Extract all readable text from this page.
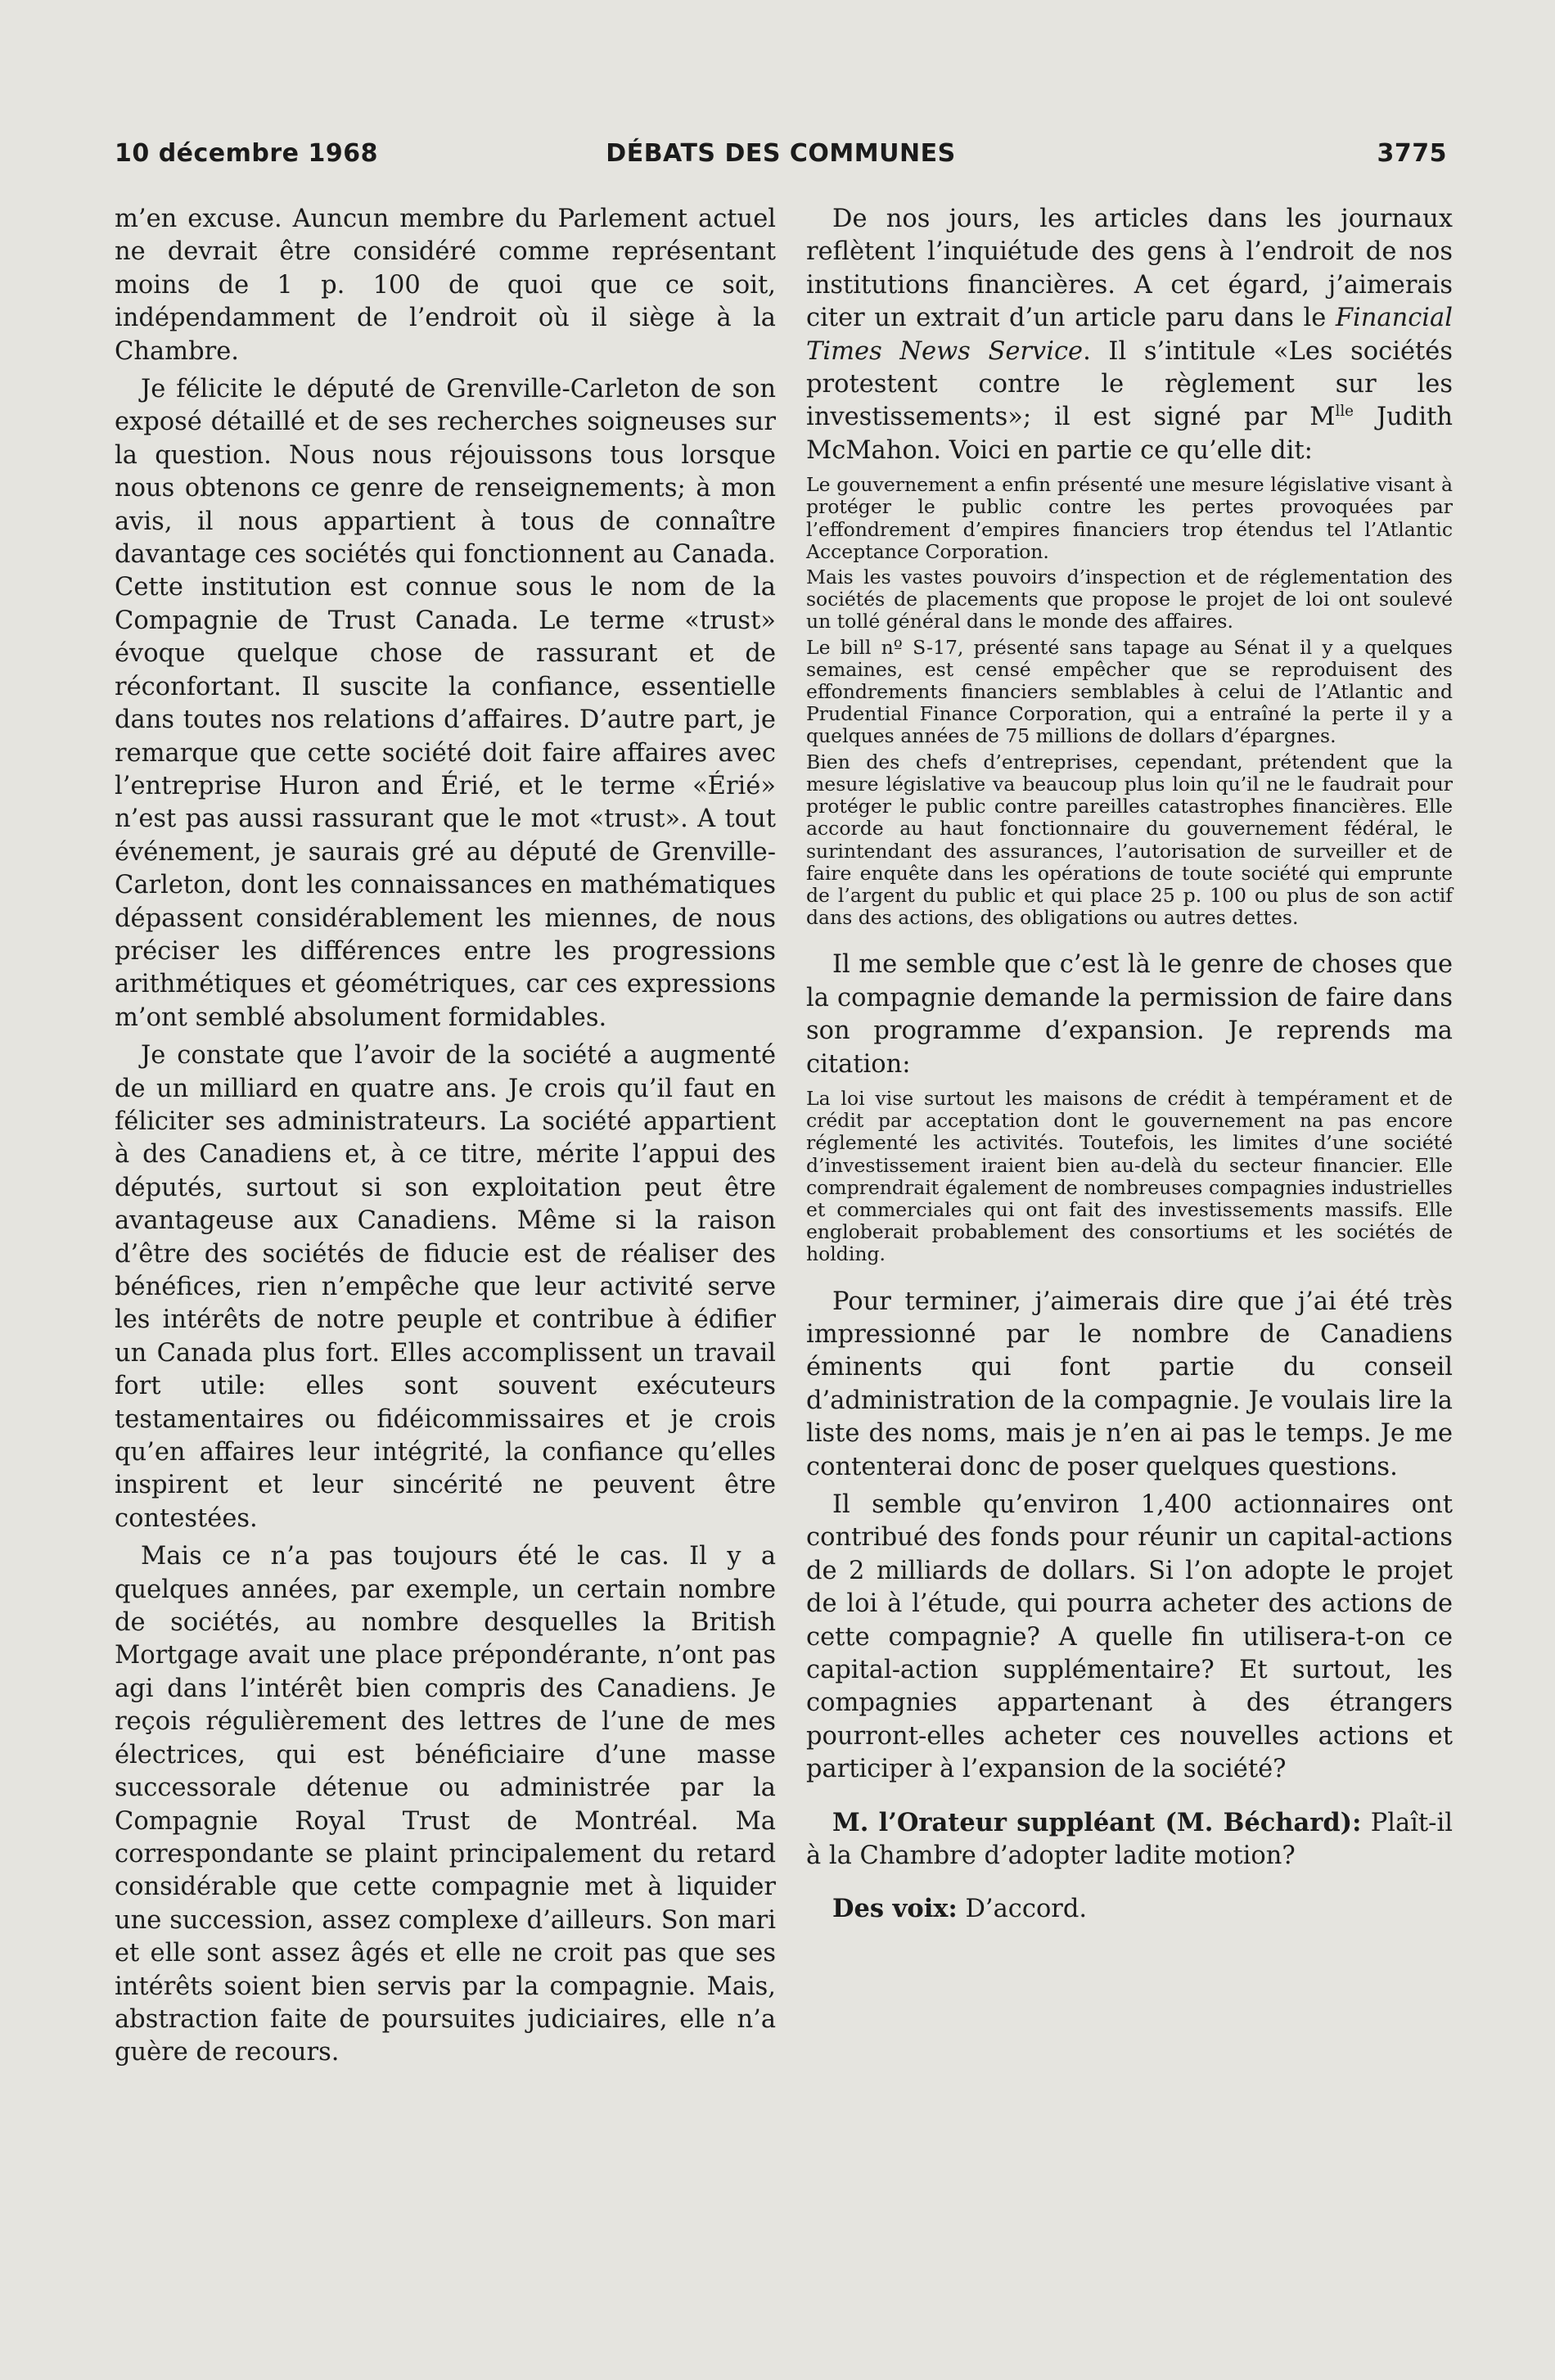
10 décembre 1968	DÉBATS DES COMMUNES	3775

m’en excuse. Auncun membre du Parlement actuel ne devrait être considéré comme représentant moins de 1 p. 100 de quoi que ce soit, indépendamment de l’endroit où il siège à la Chambre.

Je félicite le député de Grenville-Carleton de son exposé détaillé et de ses recherches soigneuses sur la question. Nous nous réjouissons tous lorsque nous obtenons ce genre de renseignements; à mon avis, il nous appartient à tous de connaître davantage ces sociétés qui fonctionnent au Canada. Cette institution est connue sous le nom de la Compagnie de Trust Canada. Le terme «trust» évoque quelque chose de rassurant et de réconfortant. Il suscite la confiance, essentielle dans toutes nos relations d’affaires. D’autre part, je remarque que cette société doit faire affaires avec l’entreprise Huron and Érié, et le terme «Érié» n’est pas aussi rassurant que le mot «trust». A tout événement, je saurais gré au député de Grenville-Carleton, dont les connaissances en mathématiques dépassent considérablement les miennes, de nous préciser les différences entre les progressions arithmétiques et géométriques, car ces expressions m’ont semblé absolument formidables.

Je constate que l’avoir de la société a augmenté de un milliard en quatre ans. Je crois qu’il faut en féliciter ses administrateurs. La société appartient à des Canadiens et, à ce titre, mérite l’appui des députés, surtout si son exploitation peut être avantageuse aux Canadiens. Même si la raison d’être des sociétés de fiducie est de réaliser des bénéfices, rien n’empêche que leur activité serve les intérêts de notre peuple et contribue à édifier un Canada plus fort. Elles accomplissent un travail fort utile: elles sont souvent exécuteurs testamentaires ou fidéicommissaires et je crois qu’en affaires leur intégrité, la confiance qu’elles inspirent et leur sincérité ne peuvent être contestées.

Mais ce n’a pas toujours été le cas. Il y a quelques années, par exemple, un certain nombre de sociétés, au nombre desquelles la British Mortgage avait une place prépondérante, n’ont pas agi dans l’intérêt bien compris des Canadiens. Je reçois régulièrement des lettres de l’une de mes électrices, qui est bénéficiaire d’une masse successorale détenue ou administrée par la Compagnie Royal Trust de Montréal. Ma correspondante se plaint principalement du retard considérable que cette compagnie met à liquider une succession, assez complexe d’ailleurs. Son mari et elle sont assez âgés et elle ne croit pas que ses intérêts soient bien servis par la compagnie. Mais, abstraction faite de poursuites judiciaires, elle n’a guère de recours.

De nos jours, les articles dans les journaux reflètent l’inquiétude des gens à l’endroit de nos institutions financières. A cet égard, j’aimerais citer un extrait d’un article paru dans le Financial Times News Service. Il s’intitule «Les sociétés protestent contre le règlement sur les investissements»; il est signé par $M^{lle}$ Judith McMahon. Voici en partie ce qu’elle dit:

Le gouvernement a enfin présenté une mesure législative visant à protéger le public contre les pertes provoquées par l’effondrement d’empires financiers trop étendus tel l’Atlantic Acceptance Corporation.

Mais les vastes pouvoirs d’inspection et de réglementation des sociétés de placements que propose le projet de loi ont soulevé un tollé général dans le monde des affaires.

Le bill nº S-17, présenté sans tapage au Sénat il y a quelques semaines, est censé empêcher que se reproduisent des effondrements financiers semblables à celui de l’Atlantic and Prudential Finance Corporation, qui a entraîné la perte il y a quelques années de 75 millions de dollars d’épargnes.

Bien des chefs d’entreprises, cependant, prétendent que la mesure législative va beaucoup plus loin qu’il ne le faudrait pour protéger le public contre pareilles catastrophes financières. Elle accorde au haut fonctionnaire du gouvernement fédéral, le surintendant des assurances, l’autorisation de surveiller et de faire enquête dans les opérations de toute société qui emprunte de l’argent du public et qui place 25 p. 100 ou plus de son actif dans des actions, des obligations ou autres dettes.

Il me semble que c’est là le genre de choses que la compagnie demande la permission de faire dans son programme d’expansion. Je reprends ma citation:

La loi vise surtout les maisons de crédit à tempérament et de crédit par acceptation dont le gouvernement na pas encore réglementé les activités. Toutefois, les limites d’une société d’investissement iraient bien au-delà du secteur financier. Elle comprendrait également de nombreuses compagnies industrielles et commerciales qui ont fait des investissements massifs. Elle engloberait probablement des consortiums et les sociétés de holding.

Pour terminer, j’aimerais dire que j’ai été très impressionné par le nombre de Canadiens éminents qui font partie du conseil d’administration de la compagnie. Je voulais lire la liste des noms, mais je n’en ai pas le temps. Je me contenterai donc de poser quelques questions.

Il semble qu’environ 1,400 actionnaires ont contribué des fonds pour réunir un capital-actions de 2 milliards de dollars. Si l’on adopte le projet de loi à l’étude, qui pourra acheter des actions de cette compagnie? A quelle fin utilisera-t-on ce capital-action supplémentaire? Et surtout, les compagnies appartenant à des étrangers pourront-elles acheter ces nouvelles actions et participer à l’expansion de la société?

M. l’Orateur suppléant (M. Béchard): Plaît-il à la Chambre d’adopter ladite motion?

Des voix: D’accord.
